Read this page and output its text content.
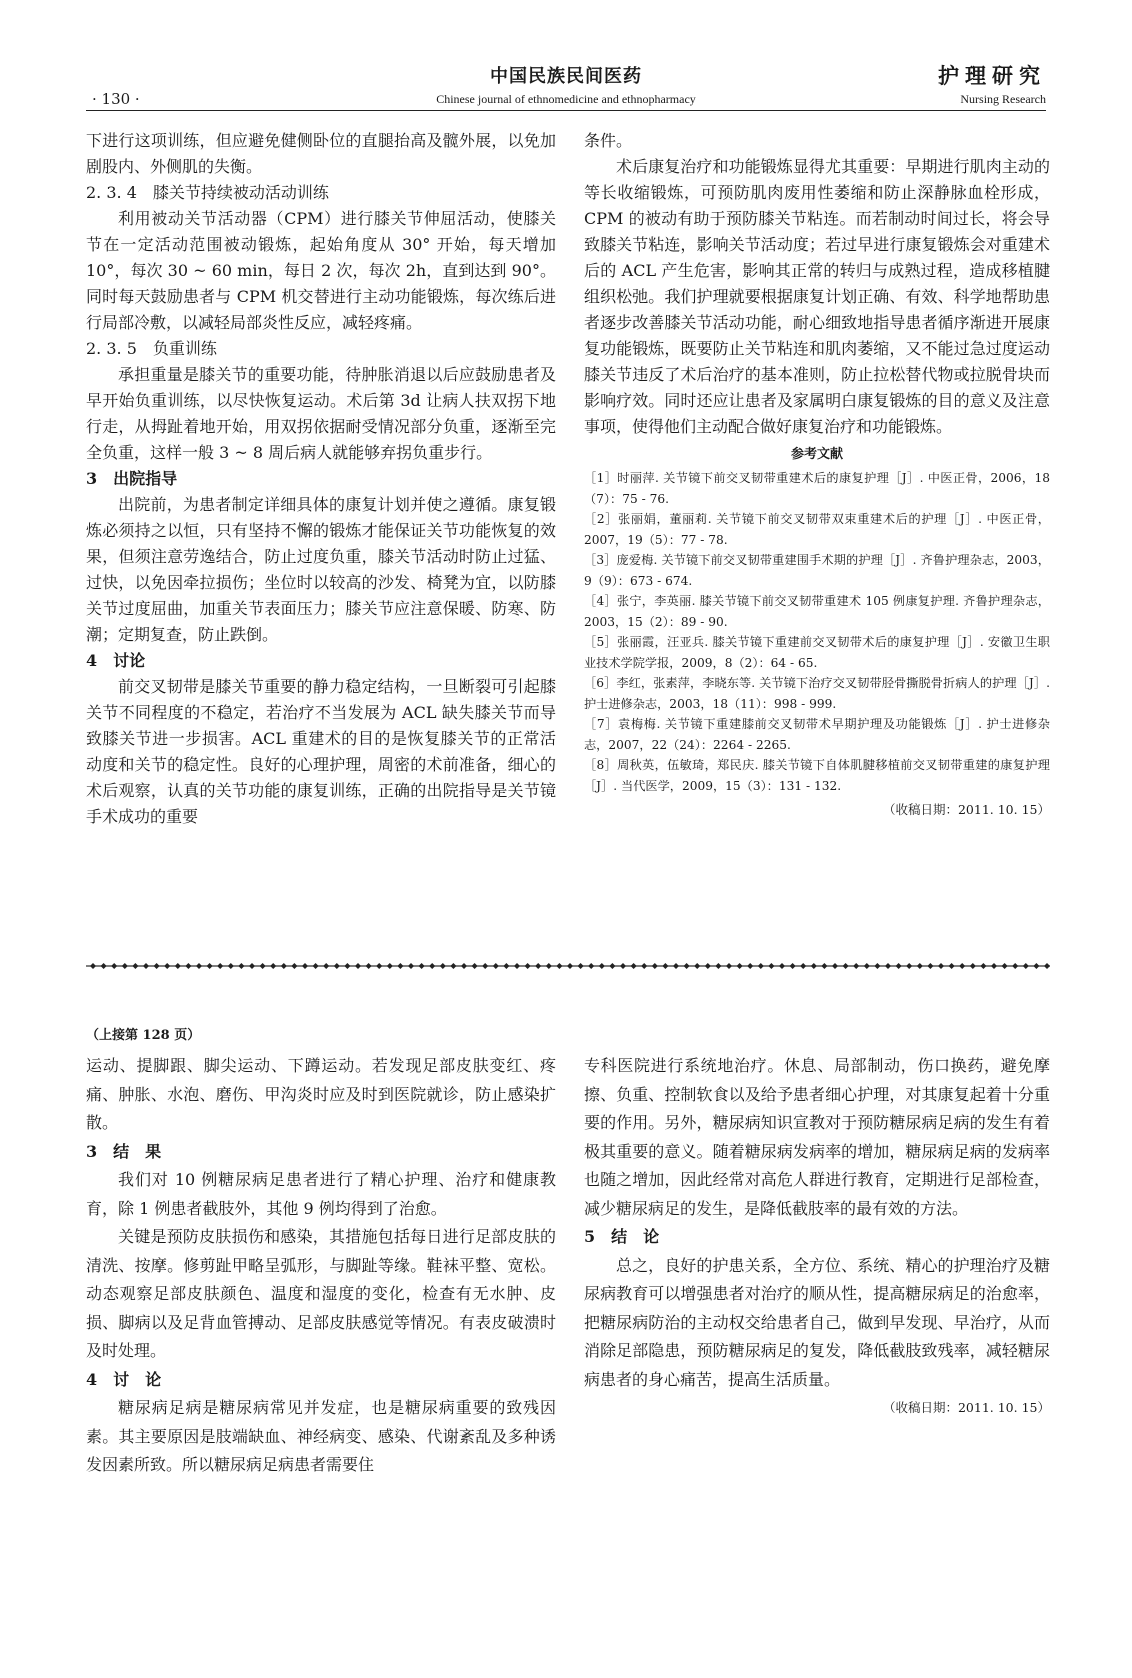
· 130 ·
中国民族民间医药
Chinese journal of ethnomedicine and ethnopharmacy
护理研究
Nursing Research

下进行这项训练，但应避免健侧卧位的直腿抬高及髋外展，以免加剧股内、外侧肌的失衡。

2. 3. 4　膝关节持续被动活动训练

利用被动关节活动器（CPM）进行膝关节伸屈活动，使膝关节在一定活动范围被动锻炼，起始角度从 30° 开始，每天增加 10°，每次 30 ~ 60 min，每日 2 次，每次 2h，直到达到 90°。同时每天鼓励患者与 CPM 机交替进行主动功能锻炼，每次练后进行局部冷敷，以减轻局部炎性反应，减轻疼痛。

2. 3. 5　负重训练

承担重量是膝关节的重要功能，待肿胀消退以后应鼓励患者及早开始负重训练，以尽快恢复运动。术后第 3d 让病人扶双拐下地行走，从拇趾着地开始，用双拐依据耐受情况部分负重，逐渐至完全负重，这样一般 3 ~ 8 周后病人就能够弃拐负重步行。

3　出院指导

出院前，为患者制定详细具体的康复计划并使之遵循。康复锻炼必须持之以恒，只有坚持不懈的锻炼才能保证关节功能恢复的效果，但须注意劳逸结合，防止过度负重，膝关节活动时防止过猛、过快，以免因牵拉损伤；坐位时以较高的沙发、椅凳为宜，以防膝关节过度屈曲，加重关节表面压力；膝关节应注意保暖、防寒、防潮；定期复查，防止跌倒。

4　讨论

前交叉韧带是膝关节重要的静力稳定结构，一旦断裂可引起膝关节不同程度的不稳定，若治疗不当发展为 ACL 缺失膝关节而导致膝关节进一步损害。ACL 重建术的目的是恢复膝关节的正常活动度和关节的稳定性。良好的心理护理，周密的术前准备，细心的术后观察，认真的关节功能的康复训练，正确的出院指导是关节镜手术成功的重要

条件。

术后康复治疗和功能锻炼显得尤其重要：早期进行肌肉主动的等长收缩锻炼，可预防肌肉废用性萎缩和防止深静脉血栓形成，CPM 的被动有助于预防膝关节粘连。而若制动时间过长，将会导致膝关节粘连，影响关节活动度；若过早进行康复锻炼会对重建术后的 ACL 产生危害，影响其正常的转归与成熟过程，造成移植腱组织松弛。我们护理就要根据康复计划正确、有效、科学地帮助患者逐步改善膝关节活动功能，耐心细致地指导患者循序渐进开展康复功能锻炼，既要防止关节粘连和肌肉萎缩，又不能过急过度运动膝关节违反了术后治疗的基本准则，防止拉松替代物或拉脱骨块而影响疗效。同时还应让患者及家属明白康复锻炼的目的意义及注意事项，使得他们主动配合做好康复治疗和功能锻炼。

参考文献
［1］时丽萍. 关节镜下前交叉韧带重建术后的康复护理［J］. 中医正骨，2006，18（7）：75 - 76.
［2］张丽娟，董丽莉. 关节镜下前交叉韧带双束重建术后的护理［J］. 中医正骨，2007，19（5）：77 - 78.
［3］庞爱梅. 关节镜下前交叉韧带重建围手术期的护理［J］. 齐鲁护理杂志，2003，9（9）：673 - 674.
［4］张宁，李英丽. 膝关节镜下前交叉韧带重建术 105 例康复护理. 齐鲁护理杂志，2003，15（2）：89 - 90.
［5］张丽霞，汪亚兵. 膝关节镜下重建前交叉韧带术后的康复护理［J］. 安徽卫生职业技术学院学报，2009，8（2）：64 - 65.
［6］李红，张素萍，李晓东等. 关节镜下治疗交叉韧带胫骨撕脱骨折病人的护理［J］. 护士进修杂志，2003，18（11）：998 - 999.
［7］袁梅梅. 关节镜下重建膝前交叉韧带术早期护理及功能锻炼［J］. 护士进修杂志，2007，22（24）：2264 - 2265.
［8］周秋英，伍敏琦，郑民庆. 膝关节镜下自体肌腱移植前交叉韧带重建的康复护理［J］. 当代医学，2009，15（3）：131 - 132.
（收稿日期：2011. 10. 15）
（上接第 128 页）

运动、提脚跟、脚尖运动、下蹲运动。若发现足部皮肤变红、疼痛、肿胀、水泡、磨伤、甲沟炎时应及时到医院就诊，防止感染扩散。

3　结　果

我们对 10 例糖尿病足患者进行了精心护理、治疗和健康教育，除 1 例患者截肢外，其他 9 例均得到了治愈。

关键是预防皮肤损伤和感染，其措施包括每日进行足部皮肤的清洗、按摩。修剪趾甲略呈弧形，与脚趾等缘。鞋袜平整、宽松。动态观察足部皮肤颜色、温度和湿度的变化，检查有无水肿、皮损、脚病以及足背血管搏动、足部皮肤感觉等情况。有表皮破溃时及时处理。

4　讨　论

糖尿病足病是糖尿病常见并发症，也是糖尿病重要的致残因素。其主要原因是肢端缺血、神经病变、感染、代谢紊乱及多种诱发因素所致。所以糖尿病足病患者需要住

专科医院进行系统地治疗。休息、局部制动，伤口换药，避免摩擦、负重、控制软食以及给予患者细心护理，对其康复起着十分重要的作用。另外，糖尿病知识宣教对于预防糖尿病足病的发生有着极其重要的意义。随着糖尿病发病率的增加，糖尿病足病的发病率也随之增加，因此经常对高危人群进行教育，定期进行足部检查，减少糖尿病足的发生，是降低截肢率的最有效的方法。

5　结　论

总之，良好的护患关系，全方位、系统、精心的护理治疗及糖尿病教育可以增强患者对治疗的顺从性，提高糖尿病足的治愈率，把糖尿病防治的主动权交给患者自己，做到早发现、早治疗，从而消除足部隐患，预防糖尿病足的复发，降低截肢致残率，减轻糖尿病患者的身心痛苦，提高生活质量。

（收稿日期：2011. 10. 15）
